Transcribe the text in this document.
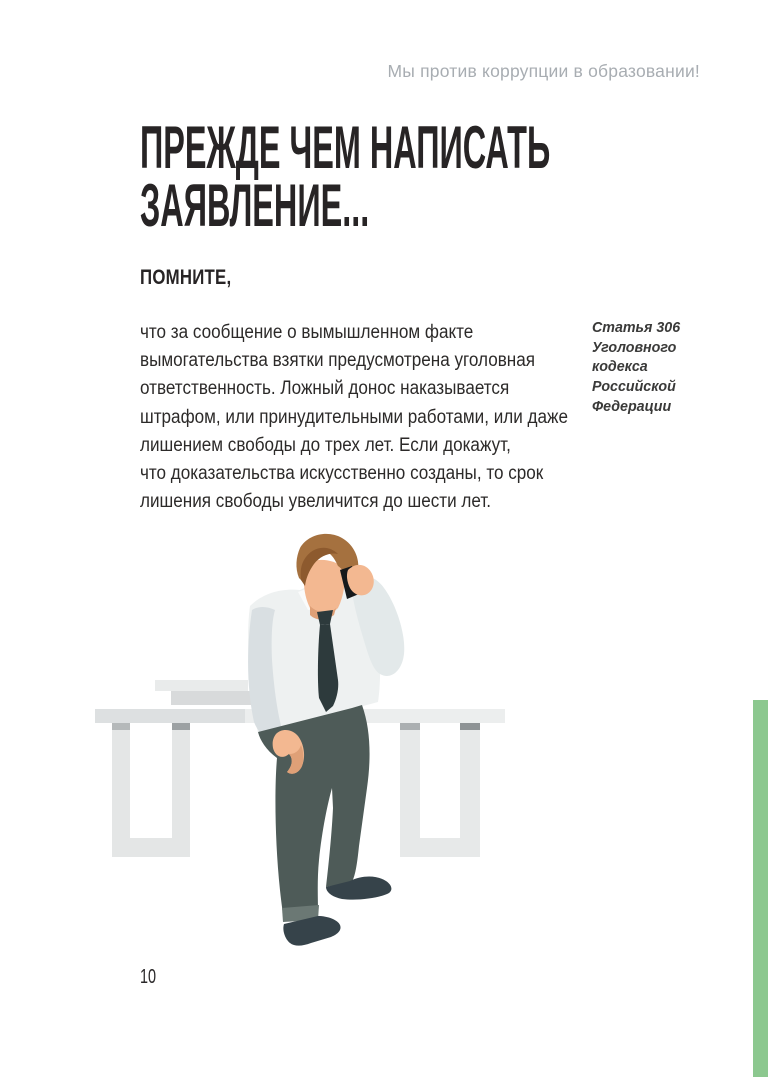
Мы против коррупции в образовании!
ПРЕЖДЕ ЧЕМ НАПИСАТЬ
ЗАЯВЛЕНИЕ...
ПОМНИТЕ,
что за сообщение о вымышленном факте
вымогательства взятки предусмотрена уголовная
ответственность. Ложный донос наказывается
штрафом, или принудительными работами, или даже
лишением свободы до трех лет. Если докажут,
что доказательства искусственно созданы, то срок
лишения свободы увеличится до шести лет.
Статья 306
Уголовного
кодекса
Российской
Федерации
10
